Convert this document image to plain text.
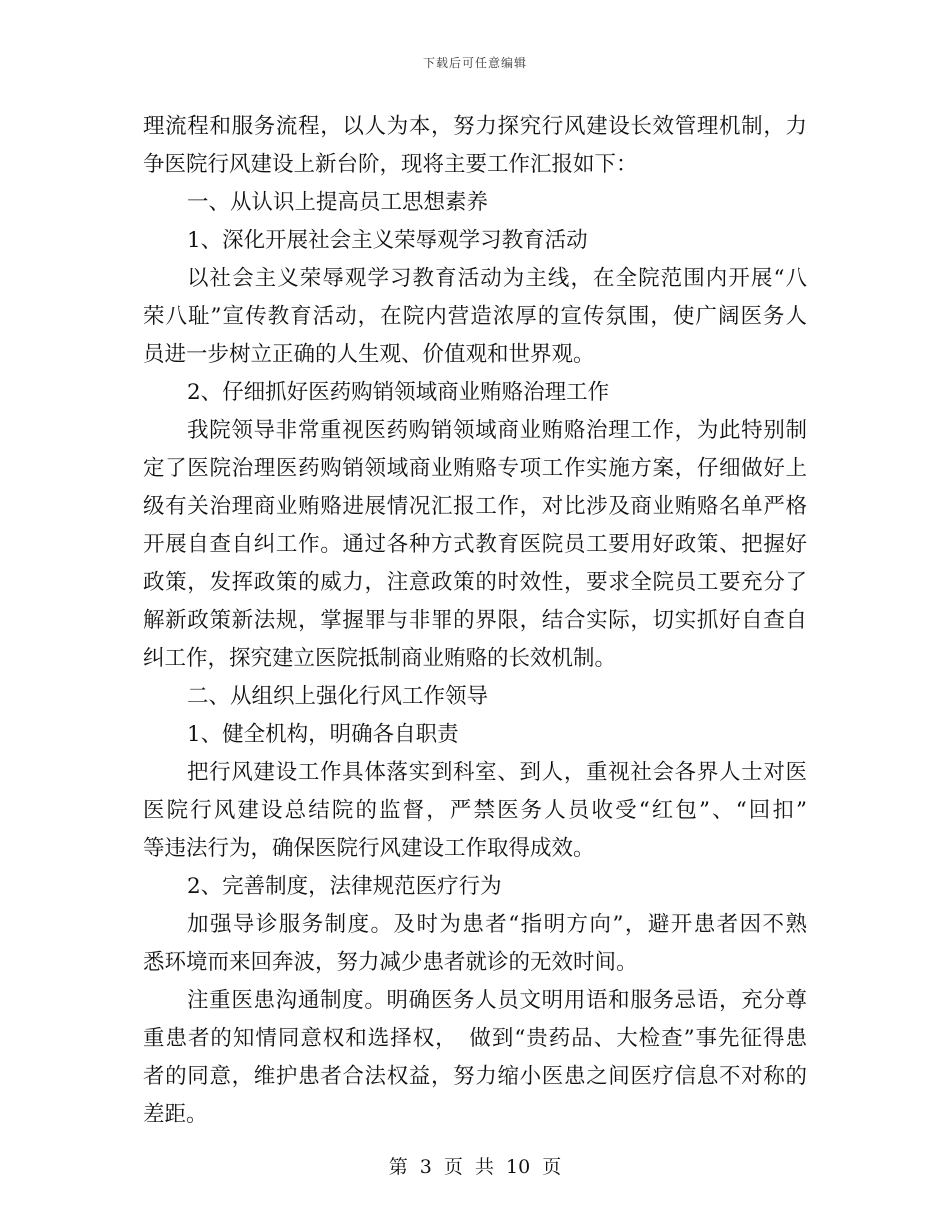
下载后可任意编辑
理流程和服务流程，以人为本，努力探究行风建设长效管理机制，力
争医院行风建设上新台阶，现将主要工作汇报如下：
一、从认识上提高员工思想素养
1、深化开展社会主义荣辱观学习教育活动
以社会主义荣辱观学习教育活动为主线，在全院范围内开展“八
荣八耻”宣传教育活动，在院内营造浓厚的宣传氛围，使广阔医务人
员进一步树立正确的人生观、价值观和世界观。
2、仔细抓好医药购销领域商业贿赂治理工作
我院领导非常重视医药购销领域商业贿赂治理工作，为此特别制
定了医院治理医药购销领域商业贿赂专项工作实施方案，仔细做好上
级有关治理商业贿赂进展情况汇报工作，对比涉及商业贿赂名单严格
开展自查自纠工作。通过各种方式教育医院员工要用好政策、把握好
政策，发挥政策的威力，注意政策的时效性，要求全院员工要充分了
解新政策新法规，掌握罪与非罪的界限，结合实际，切实抓好自查自
纠工作，探究建立医院抵制商业贿赂的长效机制。
二、从组织上强化行风工作领导
1、健全机构，明确各自职责
把行风建设工作具体落实到科室、到人，重视社会各界人士对医
医院行风建设总结院的监督，严禁医务人员收受“红包”、“回扣”
等违法行为，确保医院行风建设工作取得成效。
2、完善制度，法律规范医疗行为
加强导诊服务制度。及时为患者“指明方向”，避开患者因不熟
悉环境而来回奔波，努力减少患者就诊的无效时间。
注重医患沟通制度。明确医务人员文明用语和服务忌语，充分尊
重患者的知情同意权和选择权，　做到“贵药品、大检查”事先征得患
者的同意，维护患者合法权益，努力缩小医患之间医疗信息不对称的
差距。
第 3 页 共 10 页
